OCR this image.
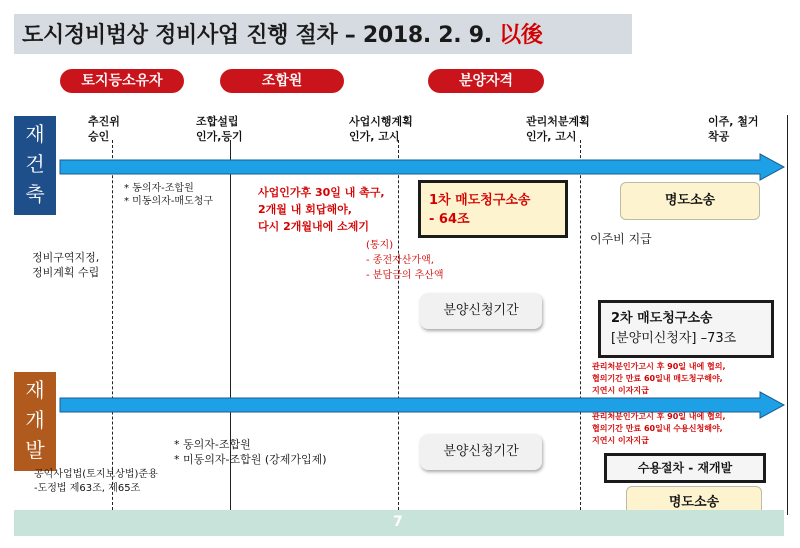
도시정비법상 정비사업 진행 절차 – 2018. 2. 9. 以後
토지등소유자	조합원	분양자격
추진위
승인
조합설립
인가,등기
사업시행계획
인가, 고시
관리처분계획
인가, 고시
이주, 철거
착공
재
건
축
재
개
발
* 동의자-조합원
* 미동의자-매도청구
사업인가후 30일 내 촉구,
2개월 내 회답해야,
다시 2개월내에 소제기
(통지)
- 종전자산가액,
- 분담금의 추산액
1차 매도청구소송
- 64조
명도소송
이주비 지급
정비구역지정,
정비계획 수립
분양신청기간
2차 매도청구소송
[분양미신청자] –73조
관리처분인가고시 후 90일 내에 협의,
협의기간 만료 60일내 매도청구해야,
지연시 이자지급
관리처분인가고시 후 90일 내에 협의,
협의기간 만료 60일내 수용신청해야,
지연시 이자지급
* 동의자-조합원
* 미동의자-조합원 (강제가입제)
분양신청기간
수용절차 - 재개발
명도소송
공익사업법(토지보상법)준용
-도정법 제63조, 제65조
7
